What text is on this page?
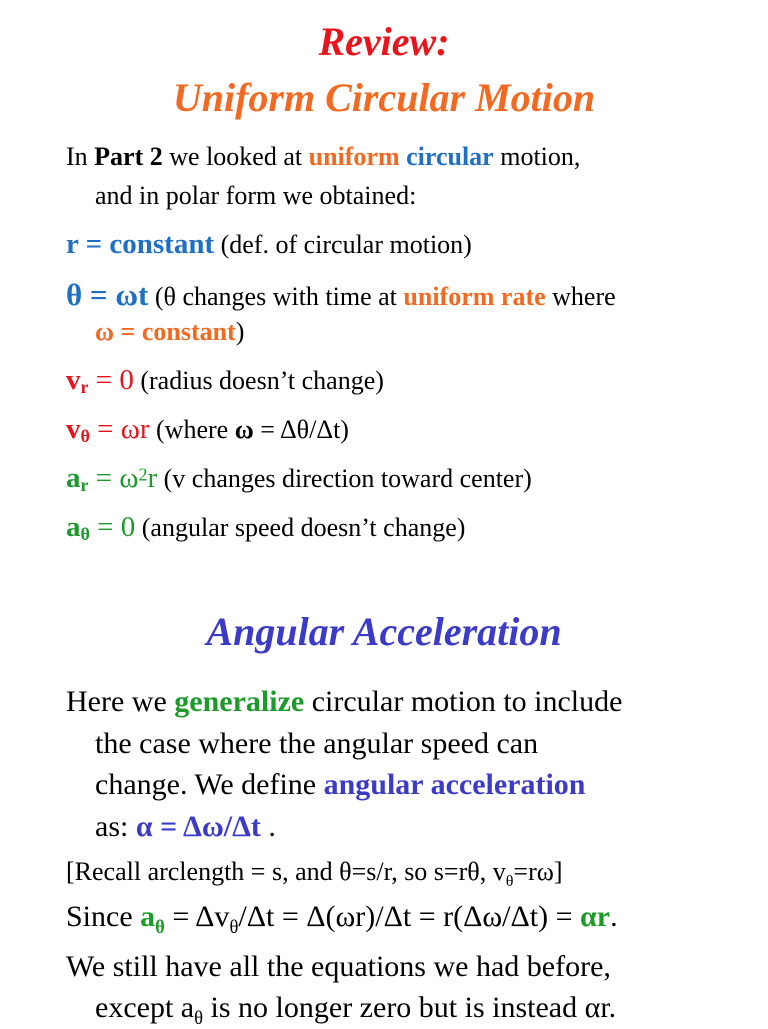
Review:
Uniform Circular Motion
In Part 2 we looked at uniform circular motion,
and in polar form we obtained:
r = constant (def. of circular motion)
θ = ωt (θ changes with time at uniform rate where
ω = constant)
$v_r = 0$ (radius doesn’t change)
$v_\theta = \omega r$ (where ω = Δθ/Δt)
$a_r = \omega^2r$ (v changes direction toward center)
$a_\theta = 0$ (angular speed doesn’t change)
Angular Acceleration
Here we generalize circular motion to include
the case where the angular speed can
change. We define angular acceleration
as: α = Δω/Δt .
[Recall arclength = s, and θ=s/r, so s=rθ, $v_\theta=r\omega$]
Since $a_\theta = \Delta v_\theta/\Delta t = \Delta(\omega r)/\Delta t = r(\Delta\omega/\Delta t) = \alpha r$.
We still have all the equations we had before,
except $a_\theta$ is no longer zero but is instead αr.
